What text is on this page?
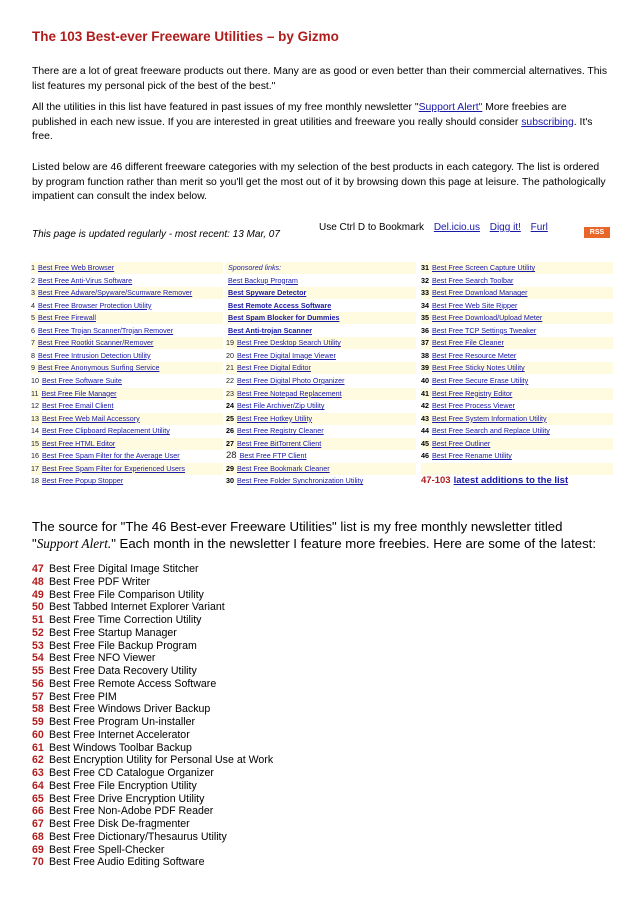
The 103 Best-ever Freeware Utilities – by Gizmo
There are a lot of great freeware products out there. Many are as good or even better than their commercial alternatives. This list features my personal pick of the best of the best."
All the utilities in this list have featured in past issues of my free monthly newsletter "Support Alert" More freebies are published in each new issue. If you are interested in great utilities and freeware you really should consider subscribing. It's free.
Listed below are 46 different freeware categories with my selection of the best products in each category. The list is ordered by program function rather than merit so you'll get the most out of it by browsing down this page at leisure. The pathologically impatient can consult the index below.
This page is updated regularly - most recent: 13 Mar, 07
Use Ctrl D to Bookmark Del.icio.us Digg it! Furl	RSS
1 Best Free Web Browser	Sponsored links:	31 Best Free Screen Capture Utility
2 Best Free Anti-Virus Software	Best Backup Program	32 Best Free Search Toolbar
3 Best Free Adware/Spyware/Scumware Remover	Best Spyware Detector	33 Best Free Download Manager
4 Best Free Browser Protection Utility	Best Remote Access Software	34 Best Free Web Site Ripper
5 Best Free Firewall	Best Spam Blocker for Dummies	35 Best Free Download/Upload Meter
6 Best Free Trojan Scanner/Trojan Remover	Best Anti-trojan Scanner	36 Best Free TCP Settings Tweaker
7 Best Free Rootkit Scanner/Remover	19 Best Free Desktop Search Utility	37 Best Free File Cleaner
8 Best Free Intrusion Detection Utility	20 Best Free Digital Image Viewer	38 Best Free Resource Meter
9 Best Free Anonymous Surfing Service	21 Best Free Digital Editor	39 Best Free Sticky Notes Utility
10 Best Free Software Suite	22 Best Free Digital Photo Organizer	40 Best Free Secure Erase Utility
11 Best Free File Manager	23 Best Free Notepad Replacement	41 Best Free Registry Editor
12 Best Free Email Client	24 Best File Archiver/Zip Utility	42 Best Free Process Viewer
13 Best Free Web Mail Accessory	25 Best Free Hotkey Utility	43 Best Free System Information Utility
14 Best Free Clipboard Replacement Utility	26 Best Free Registry Cleaner	44 Best Free Search and Replace Utility
15 Best Free HTML Editor	27 Best Free BitTorrent Client	45 Best Free Outliner
16 Best Free Spam Filter for the Average User	28 Best Free FTP Client	46 Best Free Rename Utility
17 Best Free Spam Filter for Experienced Users	29 Best Free Bookmark Cleaner
18 Best Free Popup Stopper	30 Best Free Folder Synchronization Utility	47-103 latest additions to the list
The source for "The 46 Best-ever Freeware Utilities" list is my free monthly newsletter titled "Support Alert." Each month in the newsletter I feature more freebies. Here are some of the latest:
47 Best Free Digital Image Stitcher
48 Best Free PDF Writer
49 Best Free File Comparison Utility
50 Best Tabbed Internet Explorer Variant
51 Best Free Time Correction Utility
52 Best Free Startup Manager
53 Best Free File Backup Program
54 Best Free NFO Viewer
55 Best Free Data Recovery Utility
56 Best Free Remote Access Software
57 Best Free PIM
58 Best Free Windows Driver Backup
59 Best Free Program Un-installer
60 Best Free Internet Accelerator
61 Best Windows Toolbar Backup
62 Best Encryption Utility for Personal Use at Work
63 Best Free CD Catalogue Organizer
64 Best Free File Encryption Utility
65 Best Free Drive Encryption Utility
66 Best Free Non-Adobe PDF Reader
67 Best Free Disk De-fragmenter
68 Best Free Dictionary/Thesaurus Utility
69 Best Free Spell-Checker
70 Best Free Audio Editing Software
